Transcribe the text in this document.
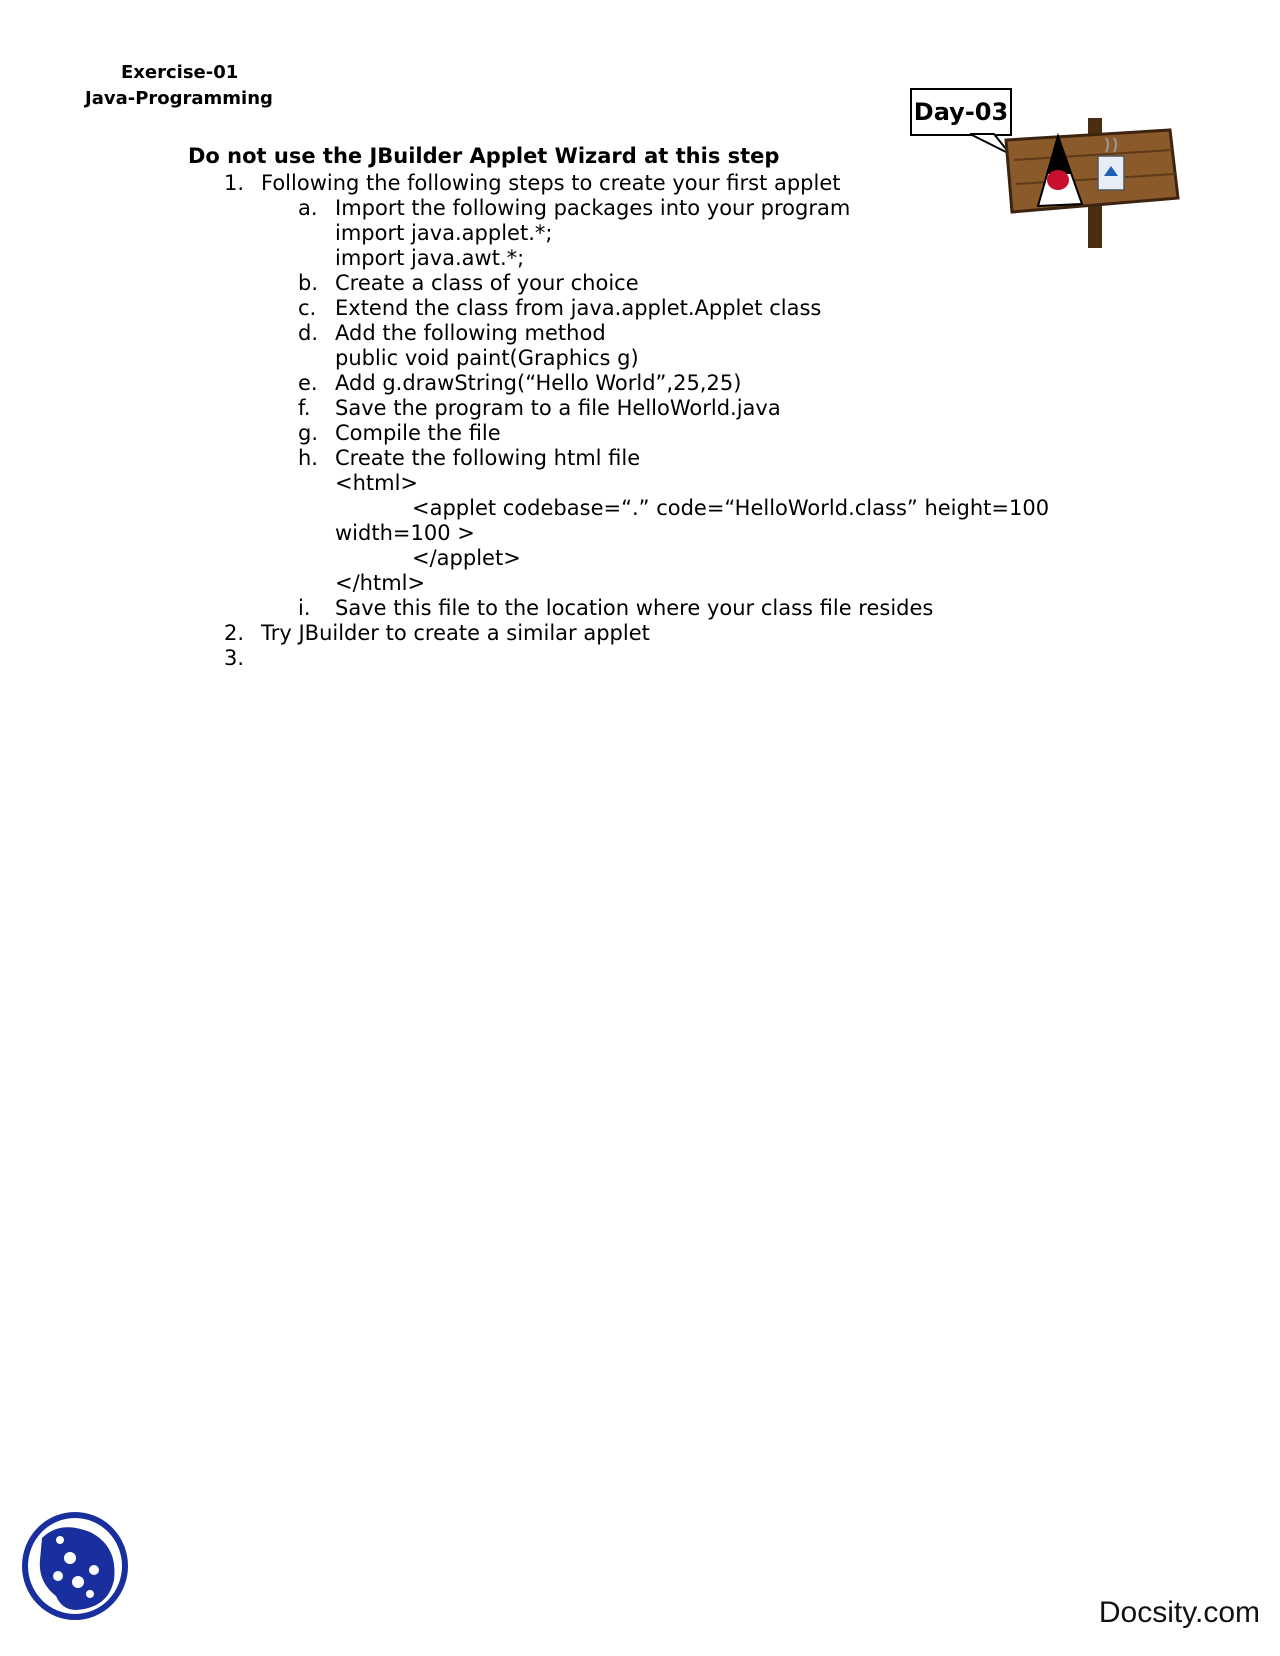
Exercise-01
Java-Programming	Day-03
Do not use the JBuilder Applet Wizard at this step
1. Following the following steps to create your first applet
a. Import the following packages into your program
import java.applet.*;
import java.awt.*;
b. Create a class of your choice
c. Extend the class from java.applet.Applet class
d. Add the following method
public void paint(Graphics g)
e. Add g.drawString(“Hello World”,25,25)
f. Save the program to a file HelloWorld.java
g. Compile the file
h. Create the following html file
<html>
<applet codebase=“.” code=“HelloWorld.class” height=100
width=100 >
</applet>
</html>
i. Save this file to the location where your class file resides
2. Try JBuilder to create a similar applet
3.
Docsity.com
